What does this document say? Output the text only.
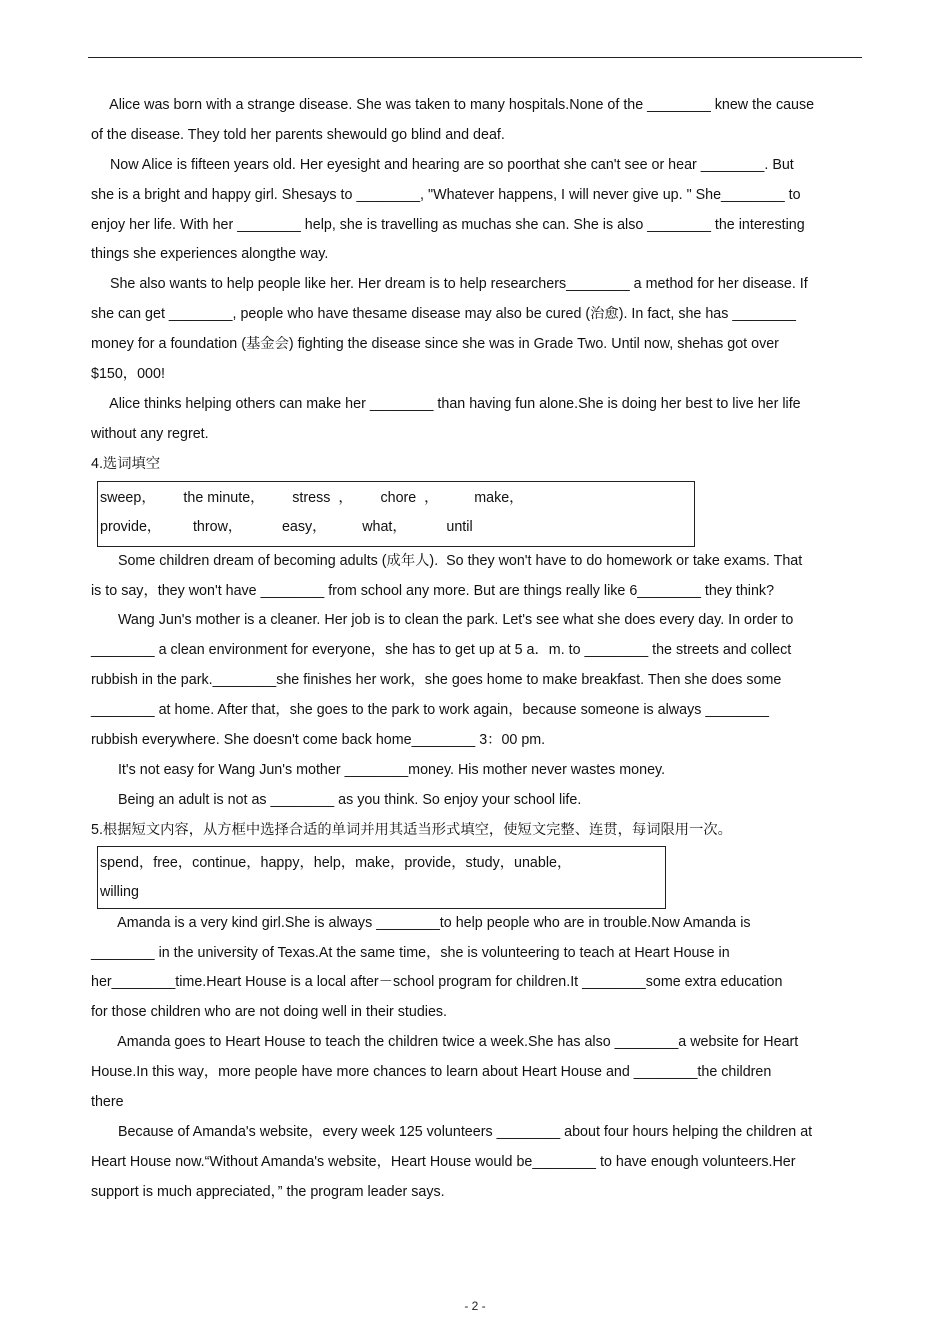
Alice was born with a strange disease. She was taken to many hospitals.None of the ________ knew the cause
of the disease. They told her parents shewould go blind and deaf.
Now Alice is fifteen years old. Her eyesight and hearing are so poorthat she can't see or hear ________. But
she is a bright and happy girl. Shesays to ________, "Whatever happens, I will never give up. " She________ to
enjoy her life. With her ________ help, she is travelling as muchas she can. She is also ________ the interesting
things she experiences alongthe way.
She also wants to help people like her. Her dream is to help researchers________ a method for her disease. If
she can get ________, people who have thesame disease may also be cured (治愈). In fact, she has ________
money for a foundation (基金会) fighting the disease since she was in Grade Two. Until now, shehas got over
$150，000!
Alice thinks helping others can make her ________ than having fun alone.She is doing her best to live her life
without any regret.
4.选词填空
sweep，       the minute，       stress  ，       chore  ，         make，
provide，        throw，          easy，         what，          until
Some children dream of becoming adults (成年人).  So they won't have to do homework or take exams. That
is to say，they won't have ________ from school any more. But are things really like 6________ they think?
Wang Jun's mother is a cleaner. Her job is to clean the park. Let's see what she does every day. In order to
________ a clean environment for everyone，she has to get up at 5 a．m. to ________ the streets and collect
rubbish in the park.________she finishes her work，she goes home to make breakfast. Then she does some
________ at home. After that，she goes to the park to work again，because someone is always ________
rubbish everywhere. She doesn't come back home________ 3：00 pm.
It's not easy for Wang Jun's mother ________money. His mother never wastes money.
Being an adult is not as ________ as you think. So enjoy your school life.
5.根据短文内容，从方框中选择合适的单词并用其适当形式填空，使短文完整、连贯，每词限用一次。
spend，free，continue，happy，help，make，provide，study，unable，
willing
Amanda is a very kind girl.She is always ________to help people who are in trouble.Now Amanda is
________ in the university of Texas.At the same time，she is volunteering to teach at Heart House in
her________time.Heart House is a local after－school program for children.It ________some extra education
for those children who are not doing well in their studies.
Amanda goes to Heart House to teach the children twice a week.She has also ________a website for Heart
House.In this way，more people have more chances to learn about Heart House and ________the children
there
Because of Amanda's website，every week 125 volunteers ________ about four hours helping the children at
Heart House now.“Without Amanda's website，Heart House would be________ to have enough volunteers.Her
support is much appreciated，” the program leader says.
- 2 -
